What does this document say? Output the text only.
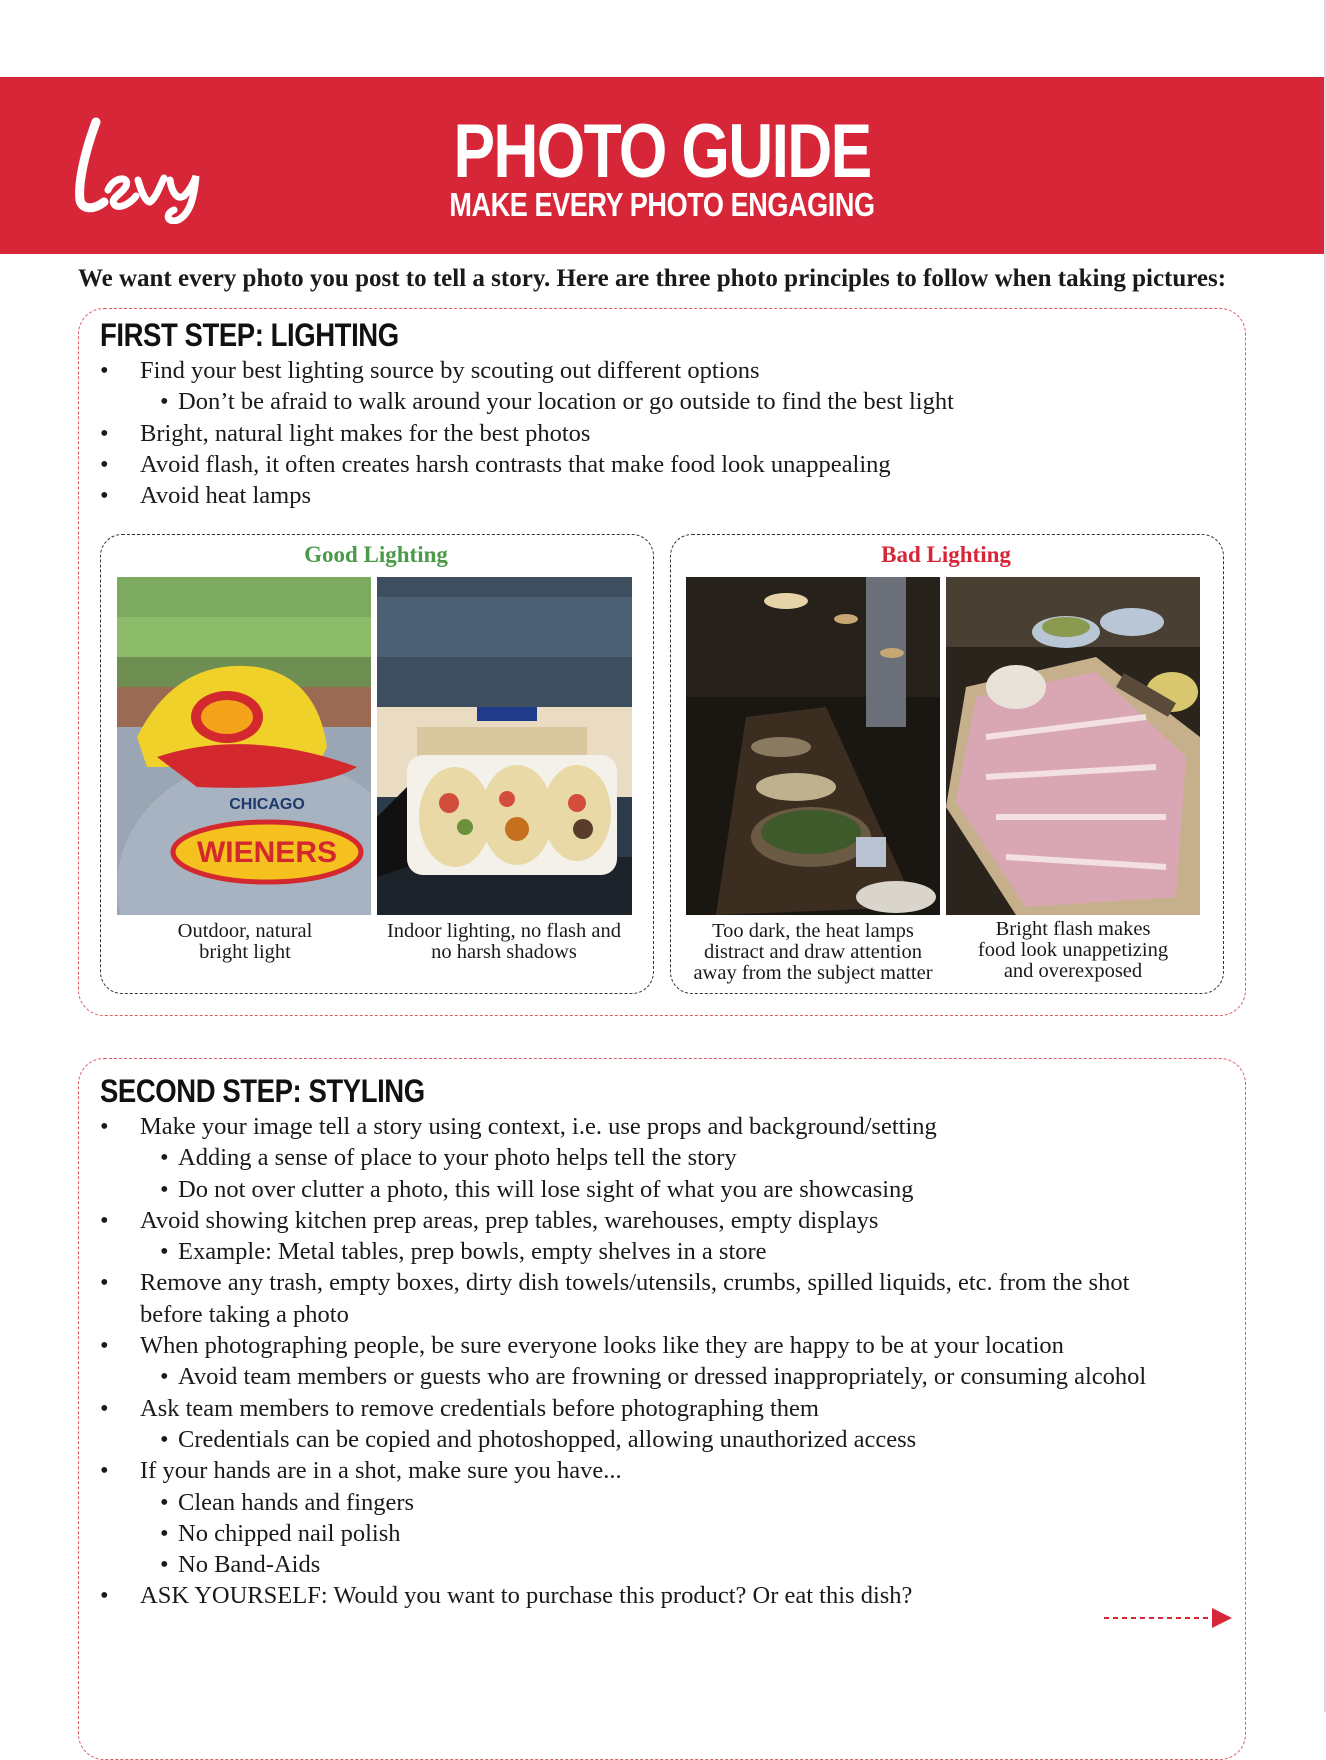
PHOTO GUIDE
MAKE EVERY PHOTO ENGAGING
We want every photo you post to tell a story. Here are three photo principles to follow when taking pictures:
FIRST STEP: LIGHTING
• Find your best lighting source by scouting out different options
• Don’t be afraid to walk around your location or go outside to find the best light
• Bright, natural light makes for the best photos
• Avoid flash, it often creates harsh contrasts that make food look unappealing
• Avoid heat lamps
Good Lighting
CHICAGO
WIENERS
Outdoor, natural
bright light
Indoor lighting, no flash and
no harsh shadows
Bad Lighting
Too dark, the heat lamps
distract and draw attention
away from the subject matter
Bright flash makes
food look unappetizing
and overexposed
SECOND STEP: STYLING
• Make your image tell a story using context, i.e. use props and background/setting
• Adding a sense of place to your photo helps tell the story
• Do not over clutter a photo, this will lose sight of what you are showcasing
• Avoid showing kitchen prep areas, prep tables, warehouses, empty displays
• Example: Metal tables, prep bowls, empty shelves in a store
• Remove any trash, empty boxes, dirty dish towels/utensils, crumbs, spilled liquids, etc. from the shot
before taking a photo
• When photographing people, be sure everyone looks like they are happy to be at your location
• Avoid team members or guests who are frowning or dressed inappropriately, or consuming alcohol
• Ask team members to remove credentials before photographing them
• Credentials can be copied and photoshopped, allowing unauthorized access
• If your hands are in a shot, make sure you have...
• Clean hands and fingers
• No chipped nail polish
• No Band-Aids
• ASK YOURSELF: Would you want to purchase this product? Or eat this dish?
